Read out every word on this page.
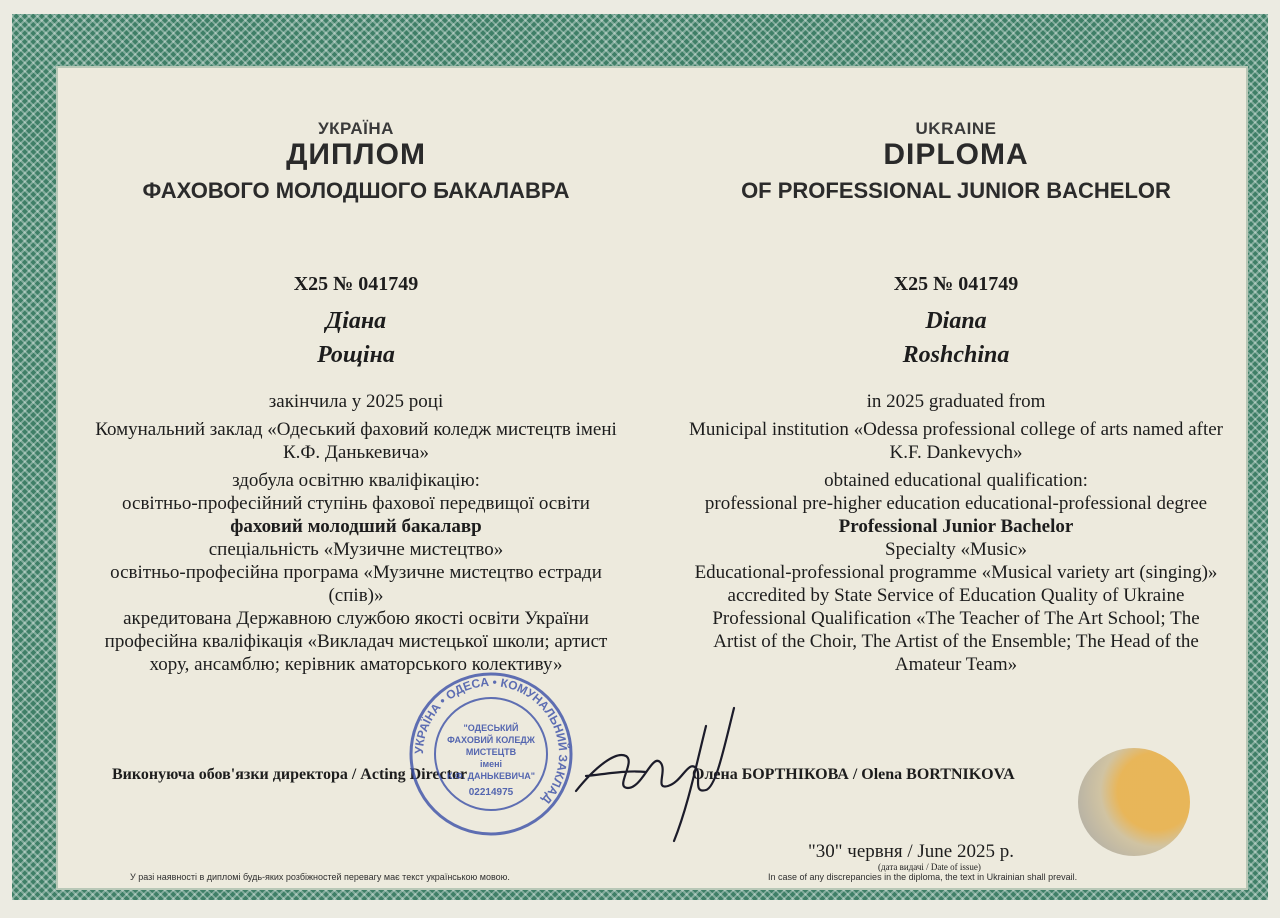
УКРАЇНА
ДИПЛОМ
ФАХОВОГО МОЛОДШОГО БАКАЛАВРА
X25 № 041749
Діана
Рощіна
закінчила у 2025 році
Комунальний заклад «Одеський фаховий коледж мистецтв імені
К.Ф. Данькевича»
здобула освітню кваліфікацію:
освітньо-професійний ступінь фахової передвищої освіти
фаховий молодший бакалавр
спеціальність «Музичне мистецтво»
освітньо-професійна програма «Музичне мистецтво естради
(спів)»
акредитована Державною службою якості освіти України
професійна кваліфікація «Викладач мистецької школи; артист
хору, ансамблю; керівник аматорського колективу»
UKRAINE
DIPLOMA
OF PROFESSIONAL JUNIOR BACHELOR
X25 № 041749
Diana
Roshchina
in 2025 graduated from
Municipal institution «Odessa professional college of arts named after
K.F. Dankevych»
obtained educational qualification:
professional pre-higher education educational-professional degree
Professional Junior Bachelor
Specialty «Music»
Educational-professional programme «Musical variety art (singing)»
accredited by State Service of Education Quality of Ukraine
Professional Qualification «The Teacher of The Art School; The
Artist of the Choir, The Artist of the Ensemble; The Head of the
Amateur Team»
Виконуюча обов'язки директора / Acting Director	Олена БОРТНІКОВА / Olena BORTNIKOVA
УКРАЇНА • ОДЕСА • КОМУНАЛЬНИЙ ЗАКЛАД
"ОДЕСЬКИЙ
ФАХОВИЙ КОЛЕДЖ
МИСТЕЦТВ
імені
К.Ф. ДАНЬКЕВИЧА"
02214975
"30" червня / June 2025 р.
(дата видачі / Date of issue)
У разі наявності в дипломі будь-яких розбіжностей перевагу має текст українською мовою.	In case of any discrepancies in the diploma, the text in Ukrainian shall prevail.
